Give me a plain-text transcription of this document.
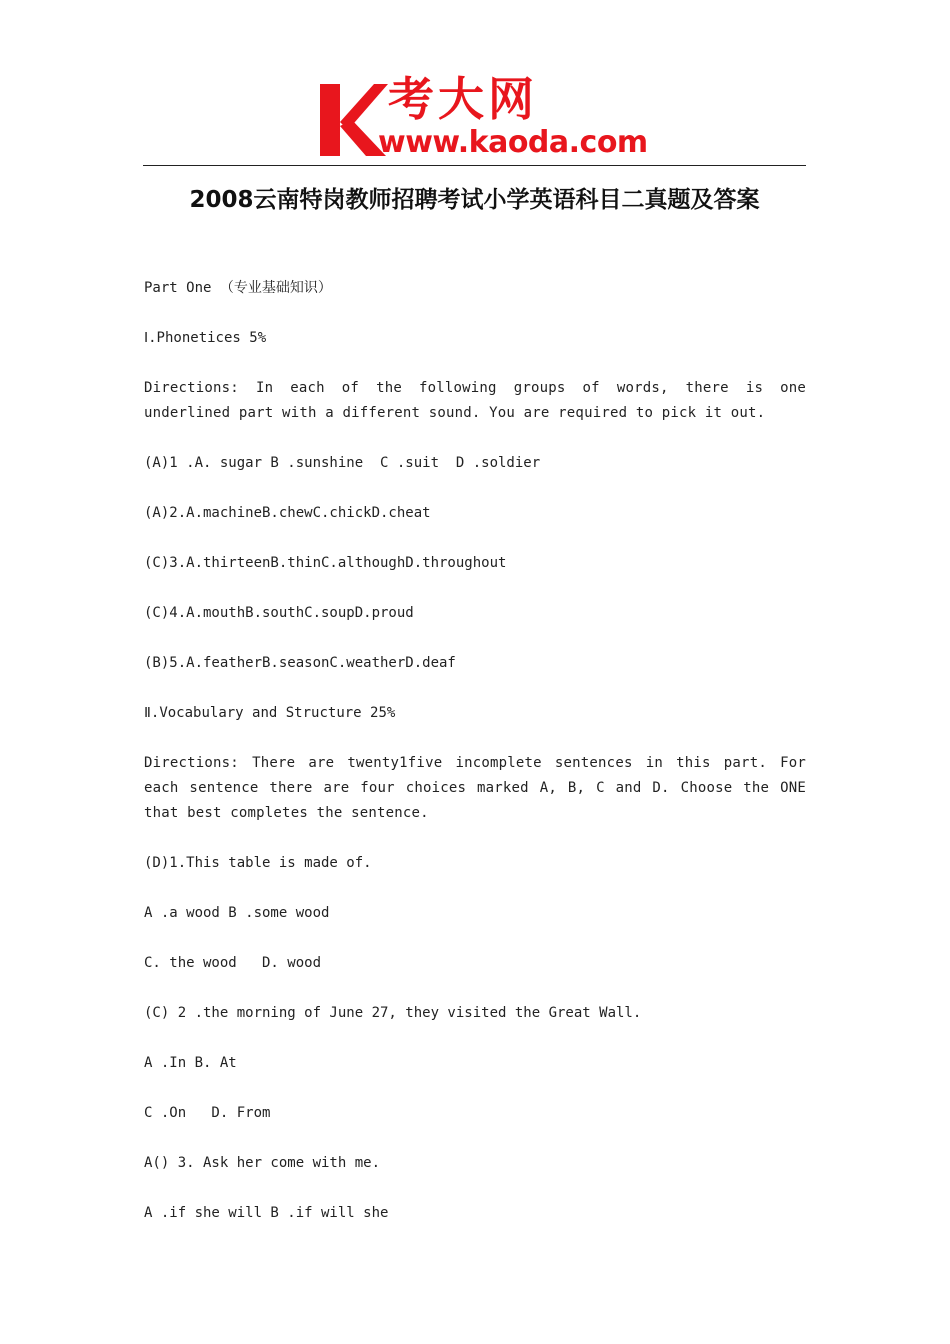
考大网
www.kaoda.com
2008云南特岗教师招聘考试小学英语科目二真题及答案

Part One （专业基础知识）

Ⅰ.Phonetices 5%

Directions: In each of the following groups of words, there is one underlined part with a different sound. You are required to pick it out.

(A)1 .A. sugar B .sunshine  C .suit  D .soldier

(A)2.A.machineB.chewC.chickD.cheat

(C)3.A.thirteenB.thinC.althoughD.throughout

(C)4.A.mouthB.southC.soupD.proud

(B)5.A.featherB.seasonC.weatherD.deaf

Ⅱ.Vocabulary and Structure 25%

Directions: There are twenty1five incomplete sentences in this part. For each sentence there are four choices marked A, B, C and D. Choose the ONE that best completes the sentence.

(D)1.This table is made of.

A .a wood B .some wood

C. the wood   D. wood

(C) 2 .the morning of June 27, they visited the Great Wall.

A .In B. At

C .On   D. From

A() 3. Ask her come with me.

A .if she will B .if will she
